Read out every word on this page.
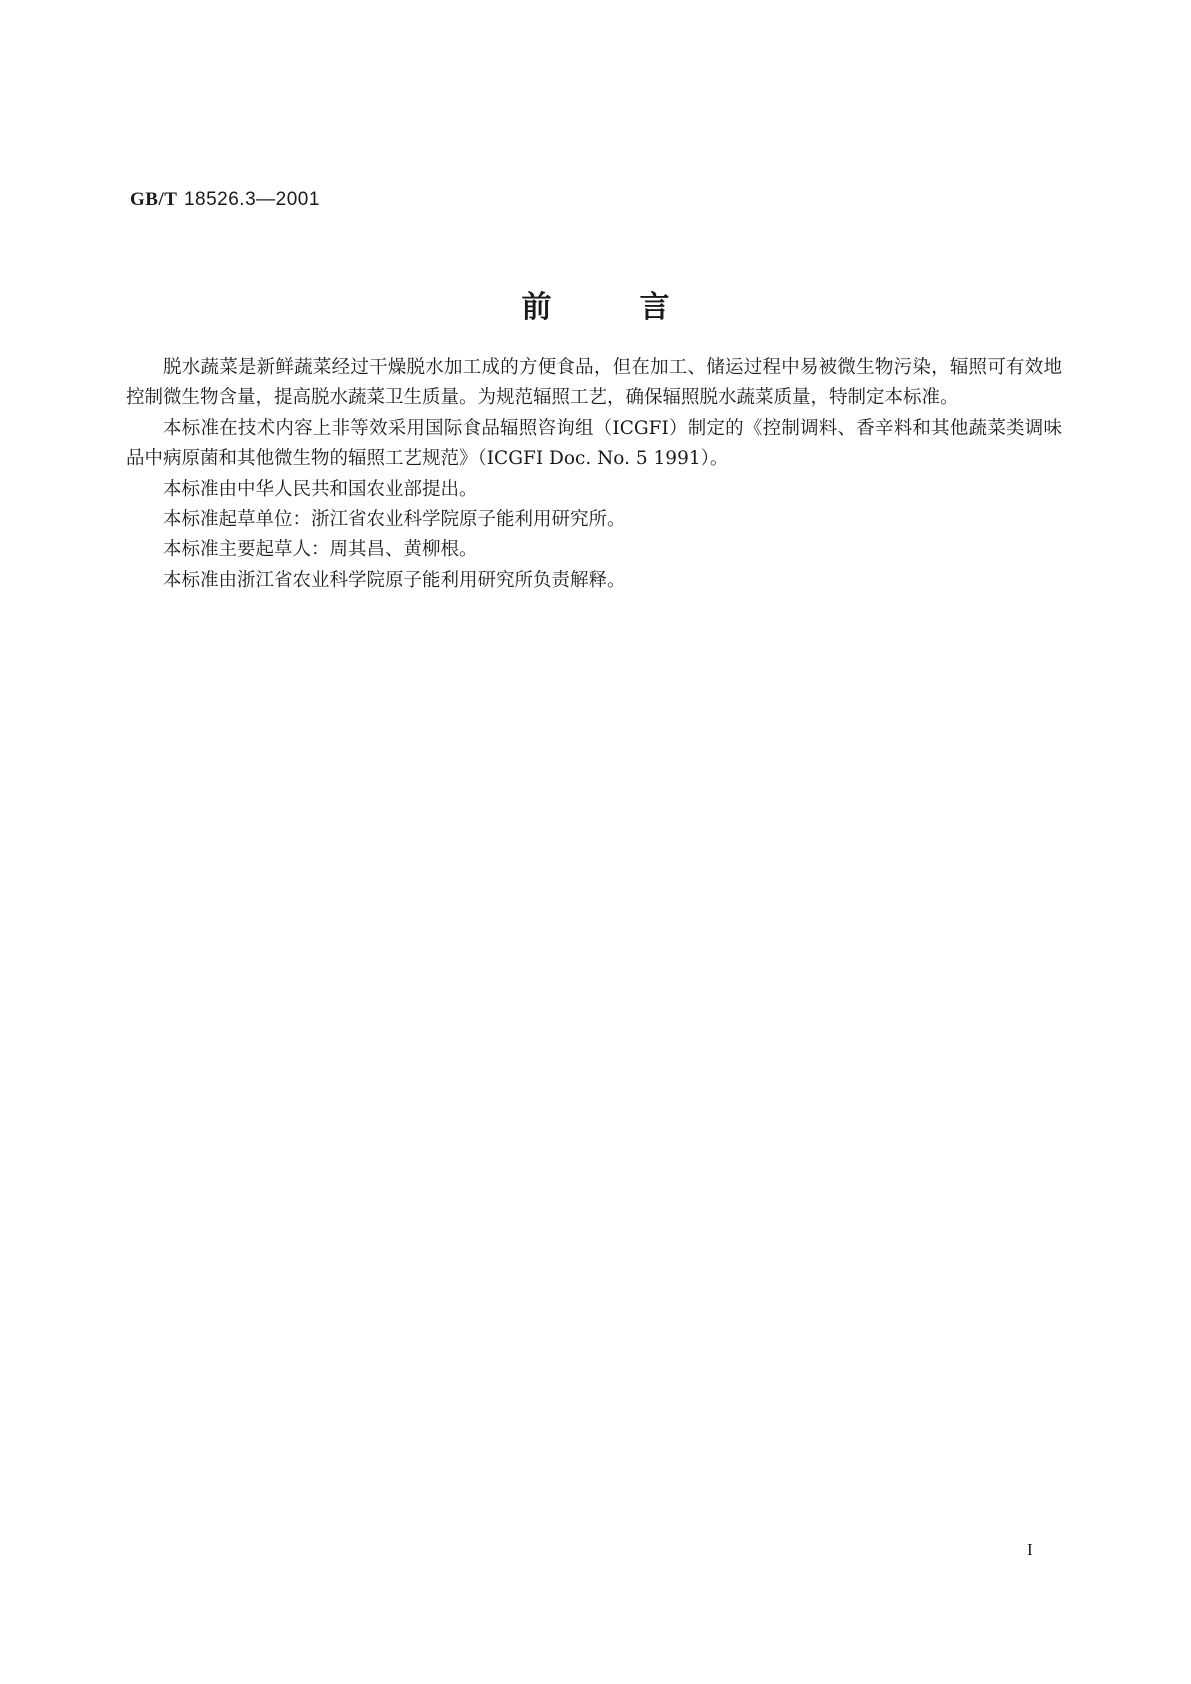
GB/T 18526.3—2001
前	言

脱水蔬菜是新鲜蔬菜经过干燥脱水加工成的方便食品，但在加工、储运过程中易被微生物污染，辐照可有效地控制微生物含量，提高脱水蔬菜卫生质量。为规范辐照工艺，确保辐照脱水蔬菜质量，特制定本标准。

本标准在技术内容上非等效采用国际食品辐照咨询组（ICGFI）制定的《控制调料、香辛料和其他蔬菜类调味品中病原菌和其他微生物的辐照工艺规范》（ICGFI Doc. No. 5 1991）。

本标准由中华人民共和国农业部提出。

本标准起草单位：浙江省农业科学院原子能利用研究所。

本标准主要起草人：周其昌、黄柳根。

本标准由浙江省农业科学院原子能利用研究所负责解释。

I
